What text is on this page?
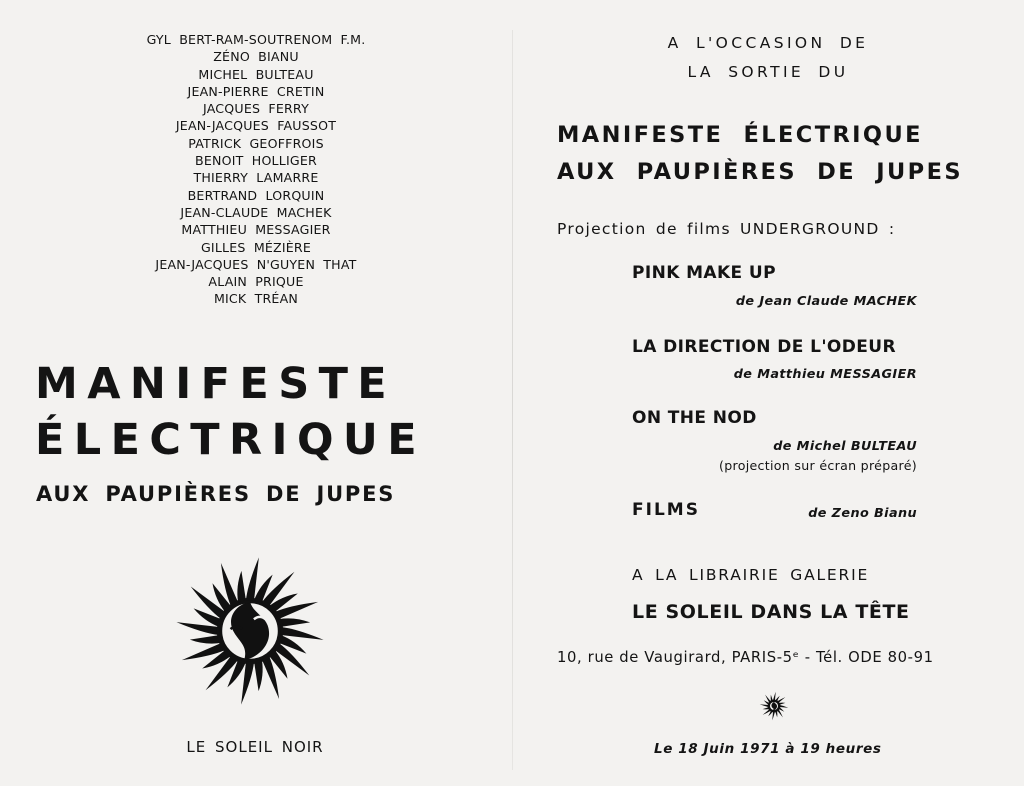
GYL BERT-RAM-SOUTRENOM F.M.
ZÉNO BIANU
MICHEL BULTEAU
JEAN-PIERRE CRETIN
JACQUES FERRY
JEAN-JACQUES FAUSSOT
PATRICK GEOFFROIS
BENOIT HOLLIGER
THIERRY LAMARRE
BERTRAND LORQUIN
JEAN-CLAUDE MACHEK
MATTHIEU MESSAGIER
GILLES MÉZIÈRE
JEAN-JACQUES N'GUYEN THAT
ALAIN PRIQUE
MICK TRÉAN
MANIFESTE
ÉLECTRIQUE
AUX PAUPIÈRES DE JUPES
LE SOLEIL NOIR
A L'OCCASION DE
LA SORTIE DU
MANIFESTE ÉLECTRIQUE
AUX PAUPIÈRES DE JUPES
Projection de films UNDERGROUND :
PINK MAKE UP
de Jean Claude MACHEK
LA DIRECTION DE L'ODEUR
de Matthieu MESSAGIER
ON THE NOD
de Michel BULTEAU
(projection sur écran préparé)
FILMS	de Zeno Bianu
A LA LIBRAIRIE GALERIE
LE SOLEIL DANS LA TÊTE
10, rue de Vaugirard, PARIS-5ᵉ - Tél. ODE 80-91
Le 18 Juin 1971 à 19 heures
